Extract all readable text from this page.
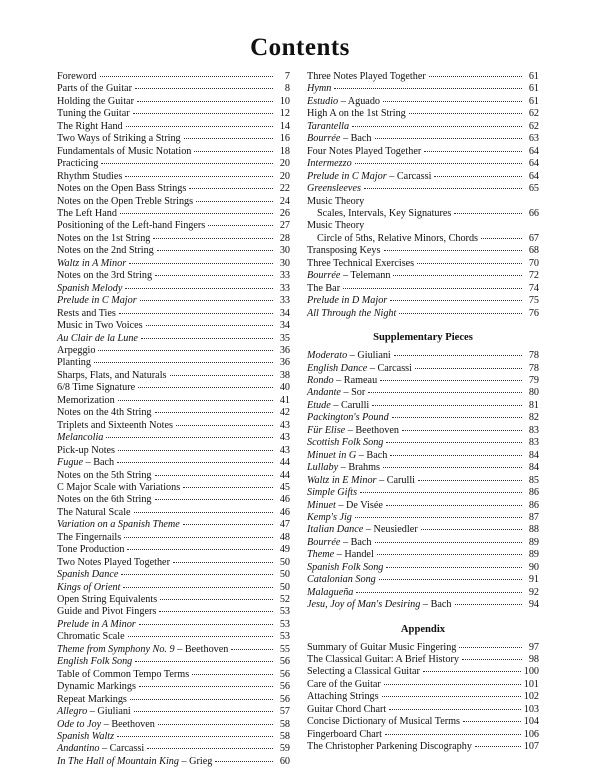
Contents
Foreword	7
Parts of the Guitar	8
Holding the Guitar	10
Tuning the Guitar	12
The Right Hand	14
Two Ways of Striking a String	16
Fundamentals of Music Notation	18
Practicing	20
Rhythm Studies	20
Notes on the Open Bass Strings	22
Notes on the Open Treble Strings	24
The Left Hand	26
Positioning of the Left-hand Fingers	27
Notes on the 1st String	28
Notes on the 2nd String	30
Waltz in A Minor	30
Notes on the 3rd String	33
Spanish Melody	33
Prelude in C Major	33
Rests and Ties	34
Music in Two Voices	34
Au Clair de la Lune	35
Arpeggio	36
Planting	36
Sharps, Flats, and Naturals	38
6/8 Time Signature	40
Memorization	41
Notes on the 4th String	42
Triplets and Sixteenth Notes	43
Melancolia	43
Pick-up Notes	43
Fugue – Bach	44
Notes on the 5th String	44
C Major Scale with Variations	45
Notes on the 6th String	46
The Natural Scale	46
Variation on a Spanish Theme	47
The Fingernails	48
Tone Production	49
Two Notes Played Together	50
Spanish Dance	50
Kings of Orient	50
Open String Equivalents	52
Guide and Pivot Fingers	53
Prelude in A Minor	53
Chromatic Scale	53
Theme from Symphony No. 9 – Beethoven	55
English Folk Song	56
Table of Common Tempo Terms	56
Dynamic Markings	56
Repeat Markings	56
Allegro – Giuliani	57
Ode to Joy – Beethoven	58
Spanish Waltz	58
Andantino – Carcassi	59
In The Hall of Mountain King – Grieg	60
Three Notes Played Together	61
Hymn	61
Estudio – Aguado	61
High A on the 1st String	62
Tarantella	62
Bourrée – Bach	63
Four Notes Played Together	64
Intermezzo	64
Prelude in C Major – Carcassi	64
Greensleeves	65
Music Theory
Scales, Intervals, Key Signatures	66
Music Theory
Circle of 5ths, Relative Minors, Chords	67
Transposing Keys	68
Three Technical Exercises	70
Bourrée – Telemann	72
The Bar	74
Prelude in D Major	75
All Through the Night	76
Supplementary Pieces
Moderato – Giuliani	78
English Dance – Carcassi	78
Rondo – Rameau	79
Andante – Sor	80
Etude – Carulli	81
Packington's Pound	82
Für Elise – Beethoven	83
Scottish Folk Song	83
Minuet in G – Bach	84
Lullaby – Brahms	84
Waltz in E Minor – Carulli	85
Simple Gifts	86
Minuet – De Visée	86
Kemp's Jig	87
Italian Dance – Neusiedler	88
Bourrée – Bach	89
Theme – Handel	89
Spanish Folk Song	90
Catalonian Song	91
Malagueña	92
Jesu, Joy of Man's Desiring – Bach	94
Appendix
Summary of Guitar Music Fingering	97
The Classical Guitar: A Brief History	98
Selecting a Classical Guitar	100
Care of the Guitar	101
Attaching Strings	102
Guitar Chord Chart	103
Concise Dictionary of Musical Terms	104
Fingerboard Chart	106
The Christopher Parkening Discography	107
